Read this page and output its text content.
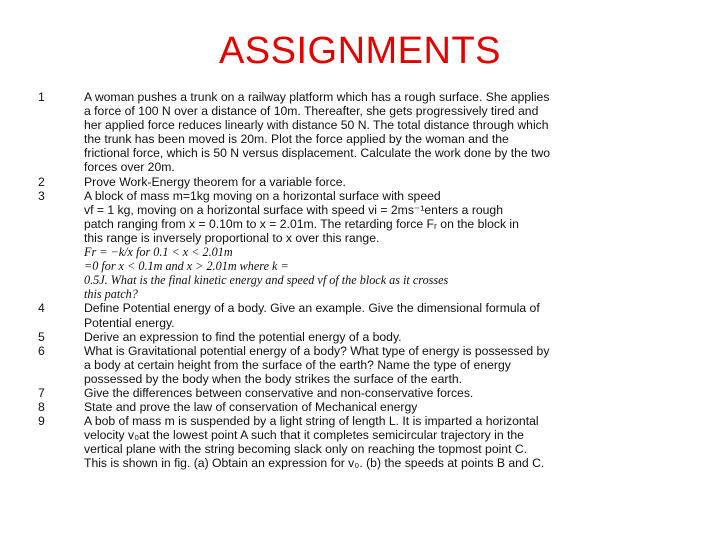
ASSIGNMENTS
1	A woman pushes a trunk on a railway platform which has a rough surface. She applies
a force of 100 N over a distance of 10m. Thereafter, she gets progressively tired and
her applied force reduces linearly with distance 50 N. The total distance through which
the trunk has been moved is 20m. Plot the force applied by the woman and the
frictional force, which is 50 N versus displacement. Calculate the work done by the two
forces over 20m.
2	Prove Work-Energy theorem for a variable force.
3	A block of mass m=1kg moving on a horizontal surface with speed
vf = 1 kg, moving on a horizontal surface with speed vi = 2ms⁻¹enters a rough
patch ranging from x = 0.10m to x = 2.01m. The retarding force Fᵣ on the block in
this range is inversely proportional to x over this range.
Fr = −k/x for 0.1 < x < 2.01m
=0 for x < 0.1m and x > 2.01m where k =
0.5J. What is the final kinetic energy and speed vf of the block as it crosses
this patch?
4	Define Potential energy of a body. Give an example. Give the dimensional formula of
Potential energy.
5	Derive an expression to find the potential energy of a body.
6	What is Gravitational potential energy of a body? What type of energy is possessed by
a body at certain height from the surface of the earth? Name the type of energy
possessed by the body when the body strikes the surface of the earth.
7	Give the differences between conservative and non-conservative forces.
8	State and prove the law of conservation of Mechanical energy
9	A bob of mass m is suspended by a light string of length L. It is imparted a horizontal
velocity v₀at the lowest point A such that it completes semicircular trajectory in the
vertical plane with the string becoming slack only on reaching the topmost point C.
This is shown in fig. (a) Obtain an expression for v₀. (b) the speeds at points B and C.
